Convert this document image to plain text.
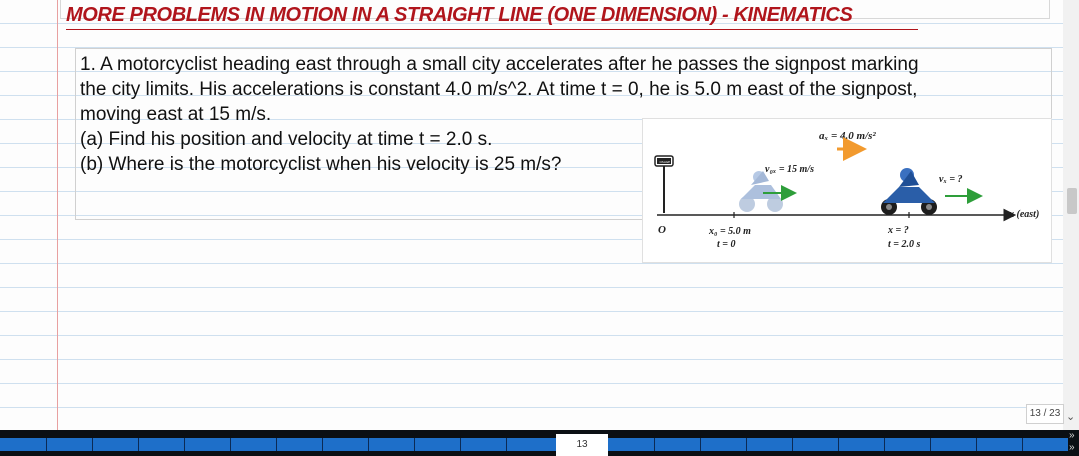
MORE PROBLEMS IN MOTION IN A STRAIGHT LINE (ONE DIMENSION) - KINEMATICS

1. A motorcyclist heading east through a small city accelerates after he passes the signpost marking
the city limits. His accelerations is constant 4.0 m/s^2. At time t = 0, he is 5.0 m east of the signpost,
moving east at 15 m/s.
(a) Find his position and velocity at time t = 2.0 s.
(b) Where is the motorcyclist when his velocity is 25 m/s?

aₓ = 4.0 m/s²
OSAGE
v₀ₓ = 15 m/s
vₓ = ?
x (east)
O	x₀ = 5.0 m
t = 0
x = ?
t = 2.0 s
13 / 23 ⌄
13
»
»
